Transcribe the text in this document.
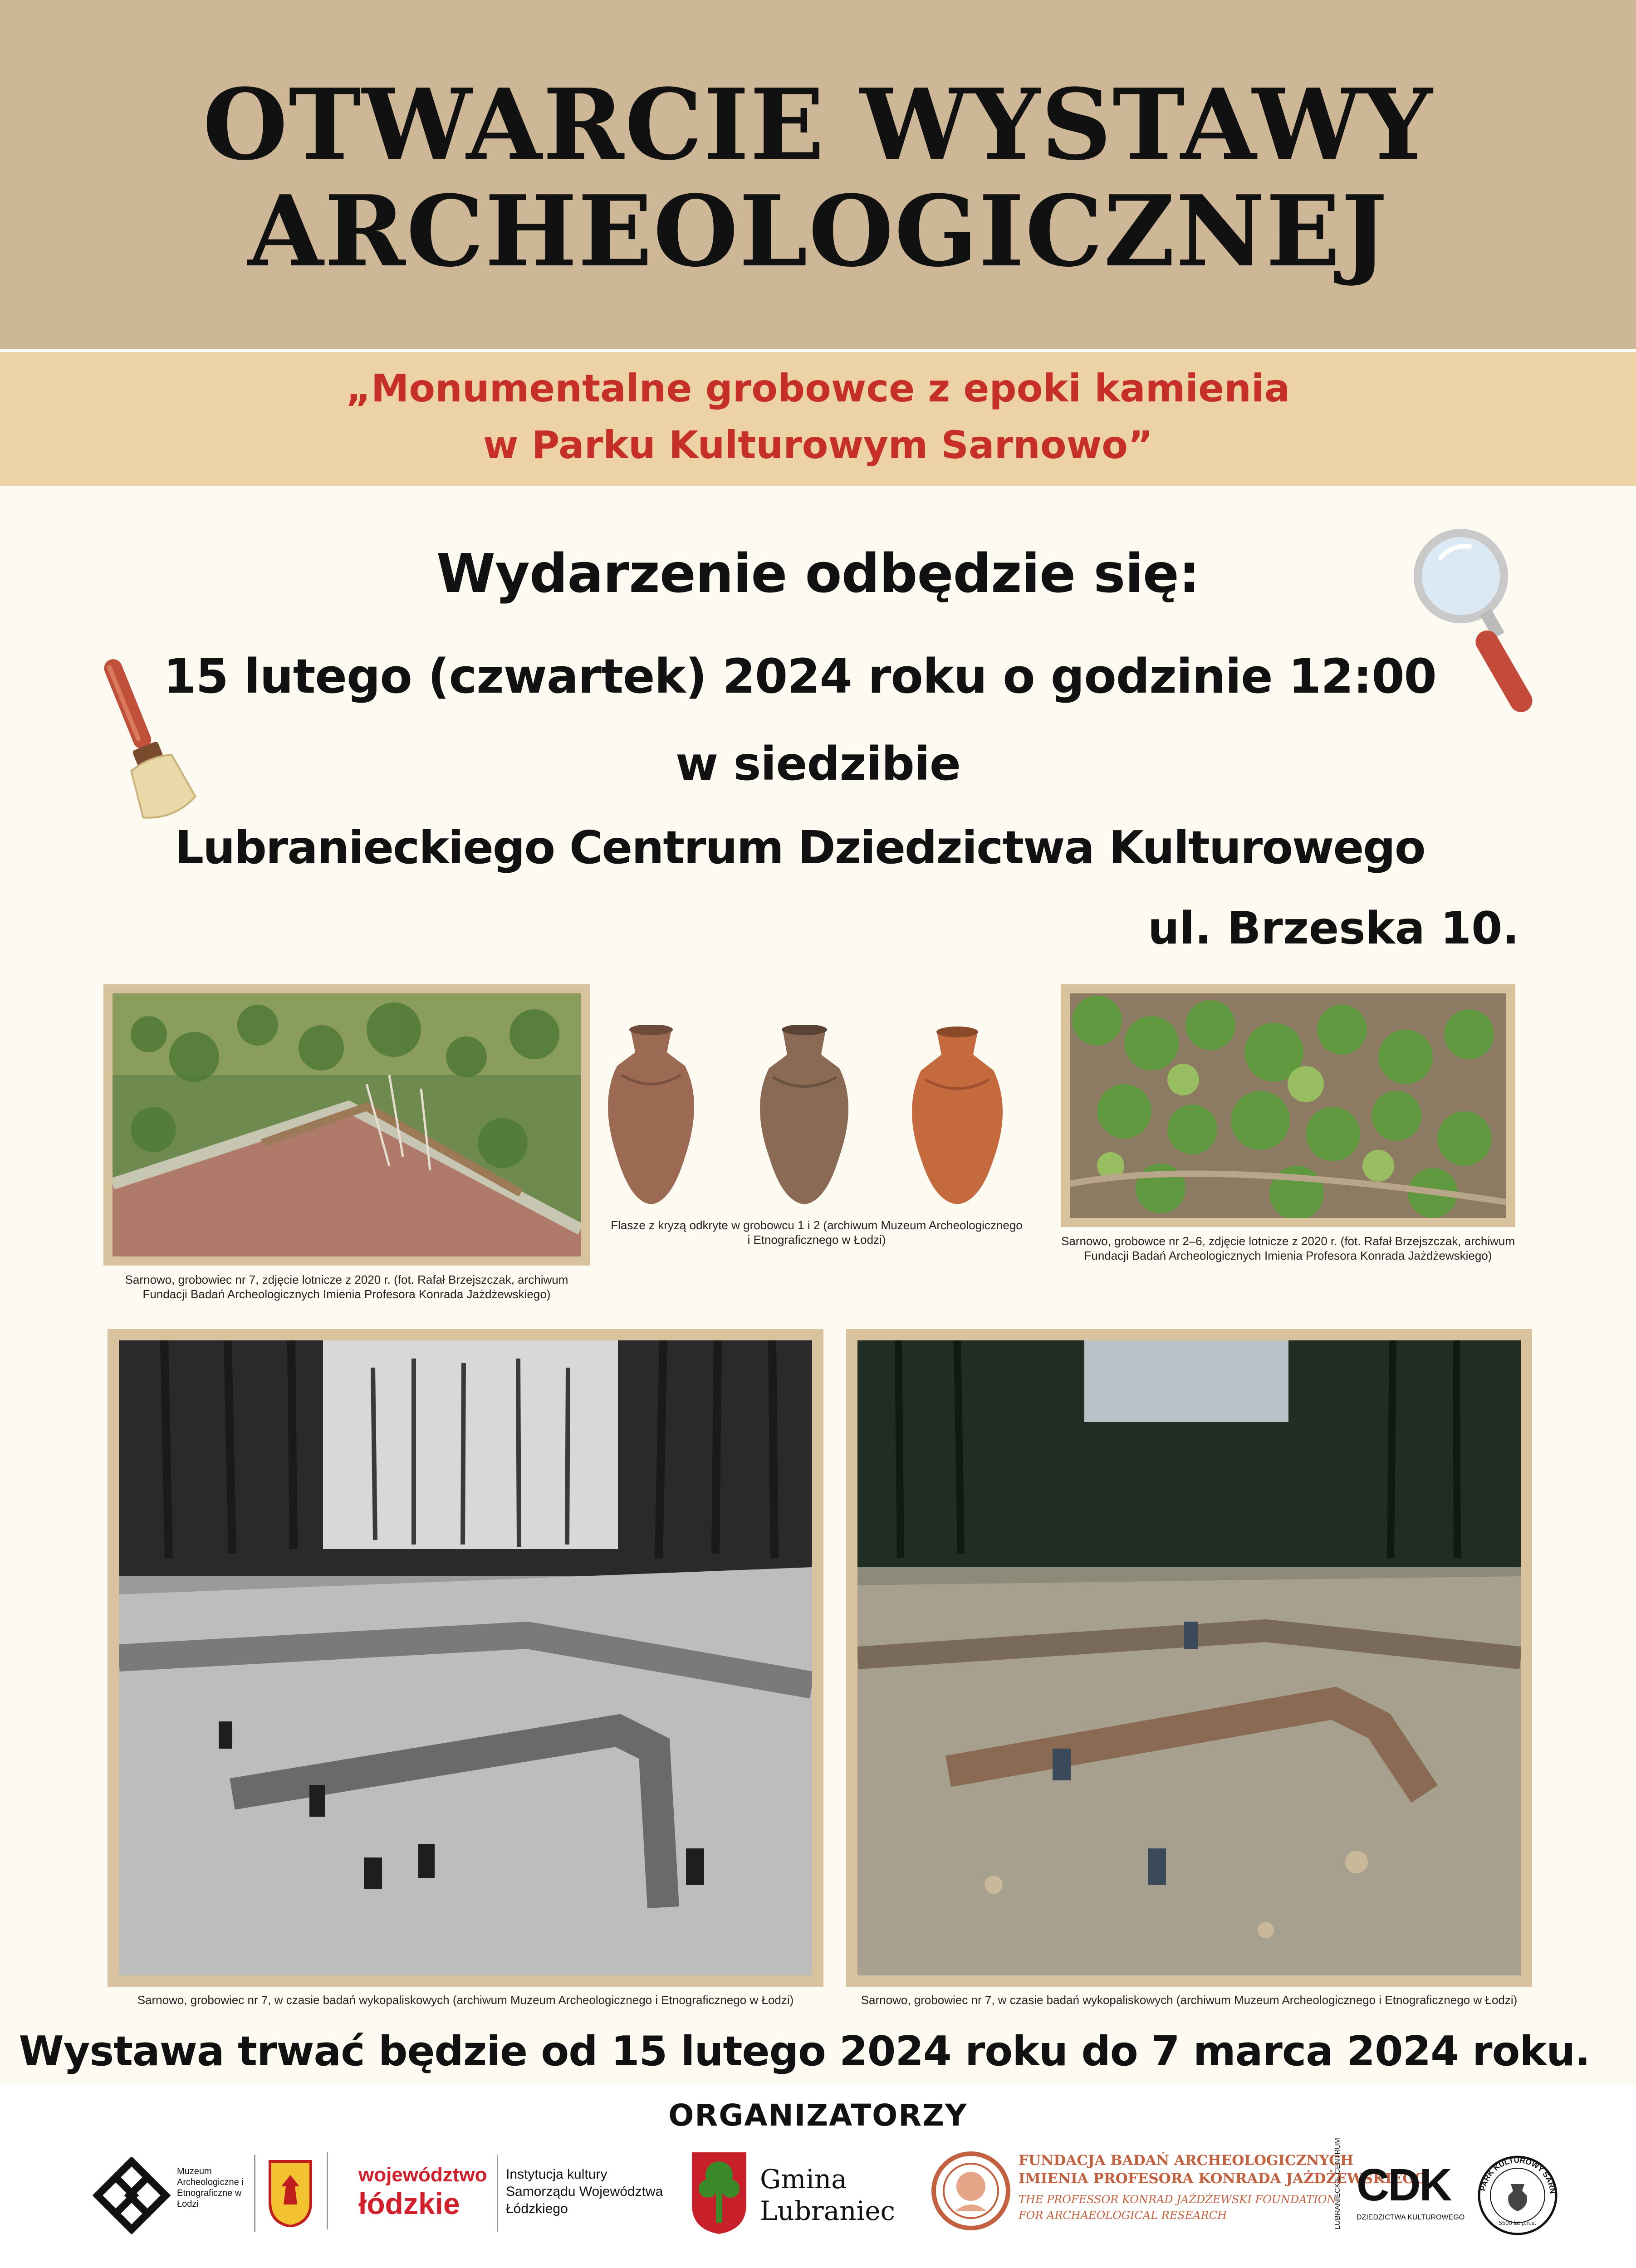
OTWARCIE WYSTAWY
ARCHEOLOGICZNEJ
„Monumentalne grobowce z epoki kamienia
w Parku Kulturowym Sarnowo”
Wydarzenie odbędzie się:
15 lutego (czwartek) 2024 roku o godzinie 12:00
w siedzibie
Lubranieckiego Centrum Dziedzictwa Kulturowego
ul. Brzeska 10.
Sarnowo, grobowiec nr 7, zdjęcie lotnicze z 2020 r. (fot. Rafał Brzejszczak, archiwum Fundacji Badań Archeologicznych Imienia Profesora Konrada Jażdżewskiego)
Flasze z kryzą odkryte w grobowcu 1 i 2 (archiwum Muzeum Archeologicznego i Etnograficznego w Łodzi)	Sarnowo, grobowce nr 2–6, zdjęcie lotnicze z 2020 r. (fot. Rafał Brzejszczak, archiwum Fundacji Badań Archeologicznych Imienia Profesora Konrada Jażdżewskiego)
Sarnowo, grobowiec nr 7, w czasie badań wykopaliskowych (archiwum Muzeum Archeologicznego i Etnograficznego w Łodzi)	Sarnowo, grobowiec nr 7, w czasie badań wykopaliskowych (archiwum Muzeum Archeologicznego i Etnograficznego w Łodzi)
Wystawa trwać będzie od 15 lutego 2024 roku do 7 marca 2024 roku.
ORGANIZATORZY
Muzeum Archeologiczne i Etnograficzne w Łodzi
województwo
łódzkie
Instytucja kultury Samorządu Województwa Łódzkiego
Gmina
Lubraniec
FUNDACJA BADAŃ ARCHEOLOGICZNYCH
IMIENIA PROFESORA KONRADA JAŻDŻEWSKIEGO
THE PROFESSOR KONRAD JAŻDŻEWSKI FOUNDATION
FOR ARCHAEOLOGICAL RESEARCH	LUBRANIECKIE CENTRUM CDK
DZIEDZICTWA KULTUROWEGO
PARK KULTUROWY SARN
5500 lat p.n.e.
